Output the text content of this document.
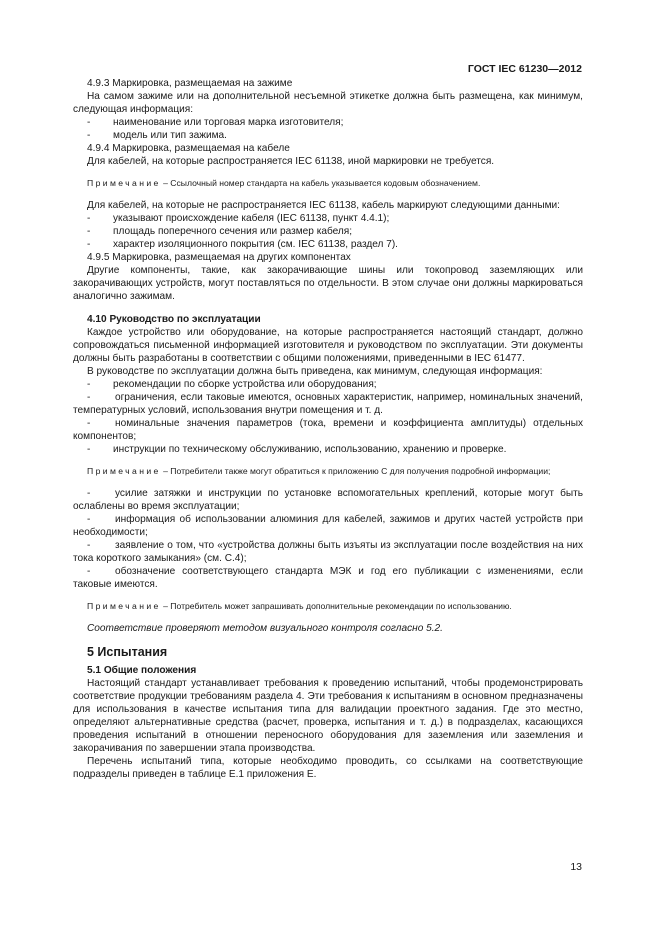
ГОСТ IEC 61230—2012
4.9.3 Маркировка, размещаемая на зажиме
На самом зажиме или на дополнительной несъемной этикетке должна быть размещена, как минимум, следующая информация:
-	наименование или торговая марка изготовителя;
-	модель или тип зажима.
4.9.4 Маркировка, размещаемая на кабеле
Для кабелей, на которые распространяется IEC 61138, иной маркировки не требуется.
Примечание – Ссылочный номер стандарта на кабель указывается кодовым обозначением.
Для кабелей, на которые не распространяется IEC 61138, кабель маркируют следующими данными:
-	указывают происхождение кабеля (IEC 61138, пункт 4.4.1);
-	площадь поперечного сечения или размер кабеля;
-	характер изоляционного покрытия (см. IEC 61138, раздел 7).
4.9.5 Маркировка, размещаемая на других компонентах
Другие компоненты, такие, как закорачивающие шины или токопровод заземляющих или закорачивающих устройств, могут поставляться по отдельности. В этом случае они должны маркироваться аналогично зажимам.
4.10 Руководство по эксплуатации
Каждое устройство или оборудование, на которые распространяется настоящий стандарт, должно сопровождаться письменной информацией изготовителя и руководством по эксплуатации. Эти документы должны быть разработаны в соответствии с общими положениями, приведенными в IEC 61477.
В руководстве по эксплуатации должна быть приведена, как минимум, следующая информация:
-	рекомендации по сборке устройства или оборудования;
- ограничения, если таковые имеются, основных характеристик, например, номинальных значений, температурных условий, использования внутри помещения и т. д.
- номинальные значения параметров (тока, времени и коэффициента амплитуды) отдельных компонентов;
-	инструкции по техническому обслуживанию, использованию, хранению и проверке.
Примечание – Потребители также могут обратиться к приложению С для получения подробной информации;
- усилие затяжки и инструкции по установке вспомогательных креплений, которые могут быть ослаблены во время эксплуатации;
- информация об использовании алюминия для кабелей, зажимов и других частей устройств при необходимости;
- заявление о том, что «устройства должны быть изъяты из эксплуатации после воздействия на них тока короткого замыкания» (см. С.4);
- обозначение соответствующего стандарта МЭК и год его публикации с изменениями, если таковые имеются.
Примечание – Потребитель может запрашивать дополнительные рекомендации по использованию.
Соответствие проверяют методом визуального контроля согласно 5.2.
5 Испытания
5.1 Общие положения
Настоящий стандарт устанавливает требования к проведению испытаний, чтобы продемонстрировать соответствие продукции требованиям раздела 4. Эти требования к испытаниям в основном предназначены для использования в качестве испытания типа для валидации проектного задания. Где это местно, определяют альтернативные средства (расчет, проверка, испытания и т. д.) в подразделах, касающихся проведения испытаний в отношении переносного оборудования для заземления или заземления и закорачивания по завершении этапа производства.
Перечень испытаний типа, которые необходимо проводить, со ссылками на соответствующие подразделы приведен в таблице Е.1 приложения Е.
13
